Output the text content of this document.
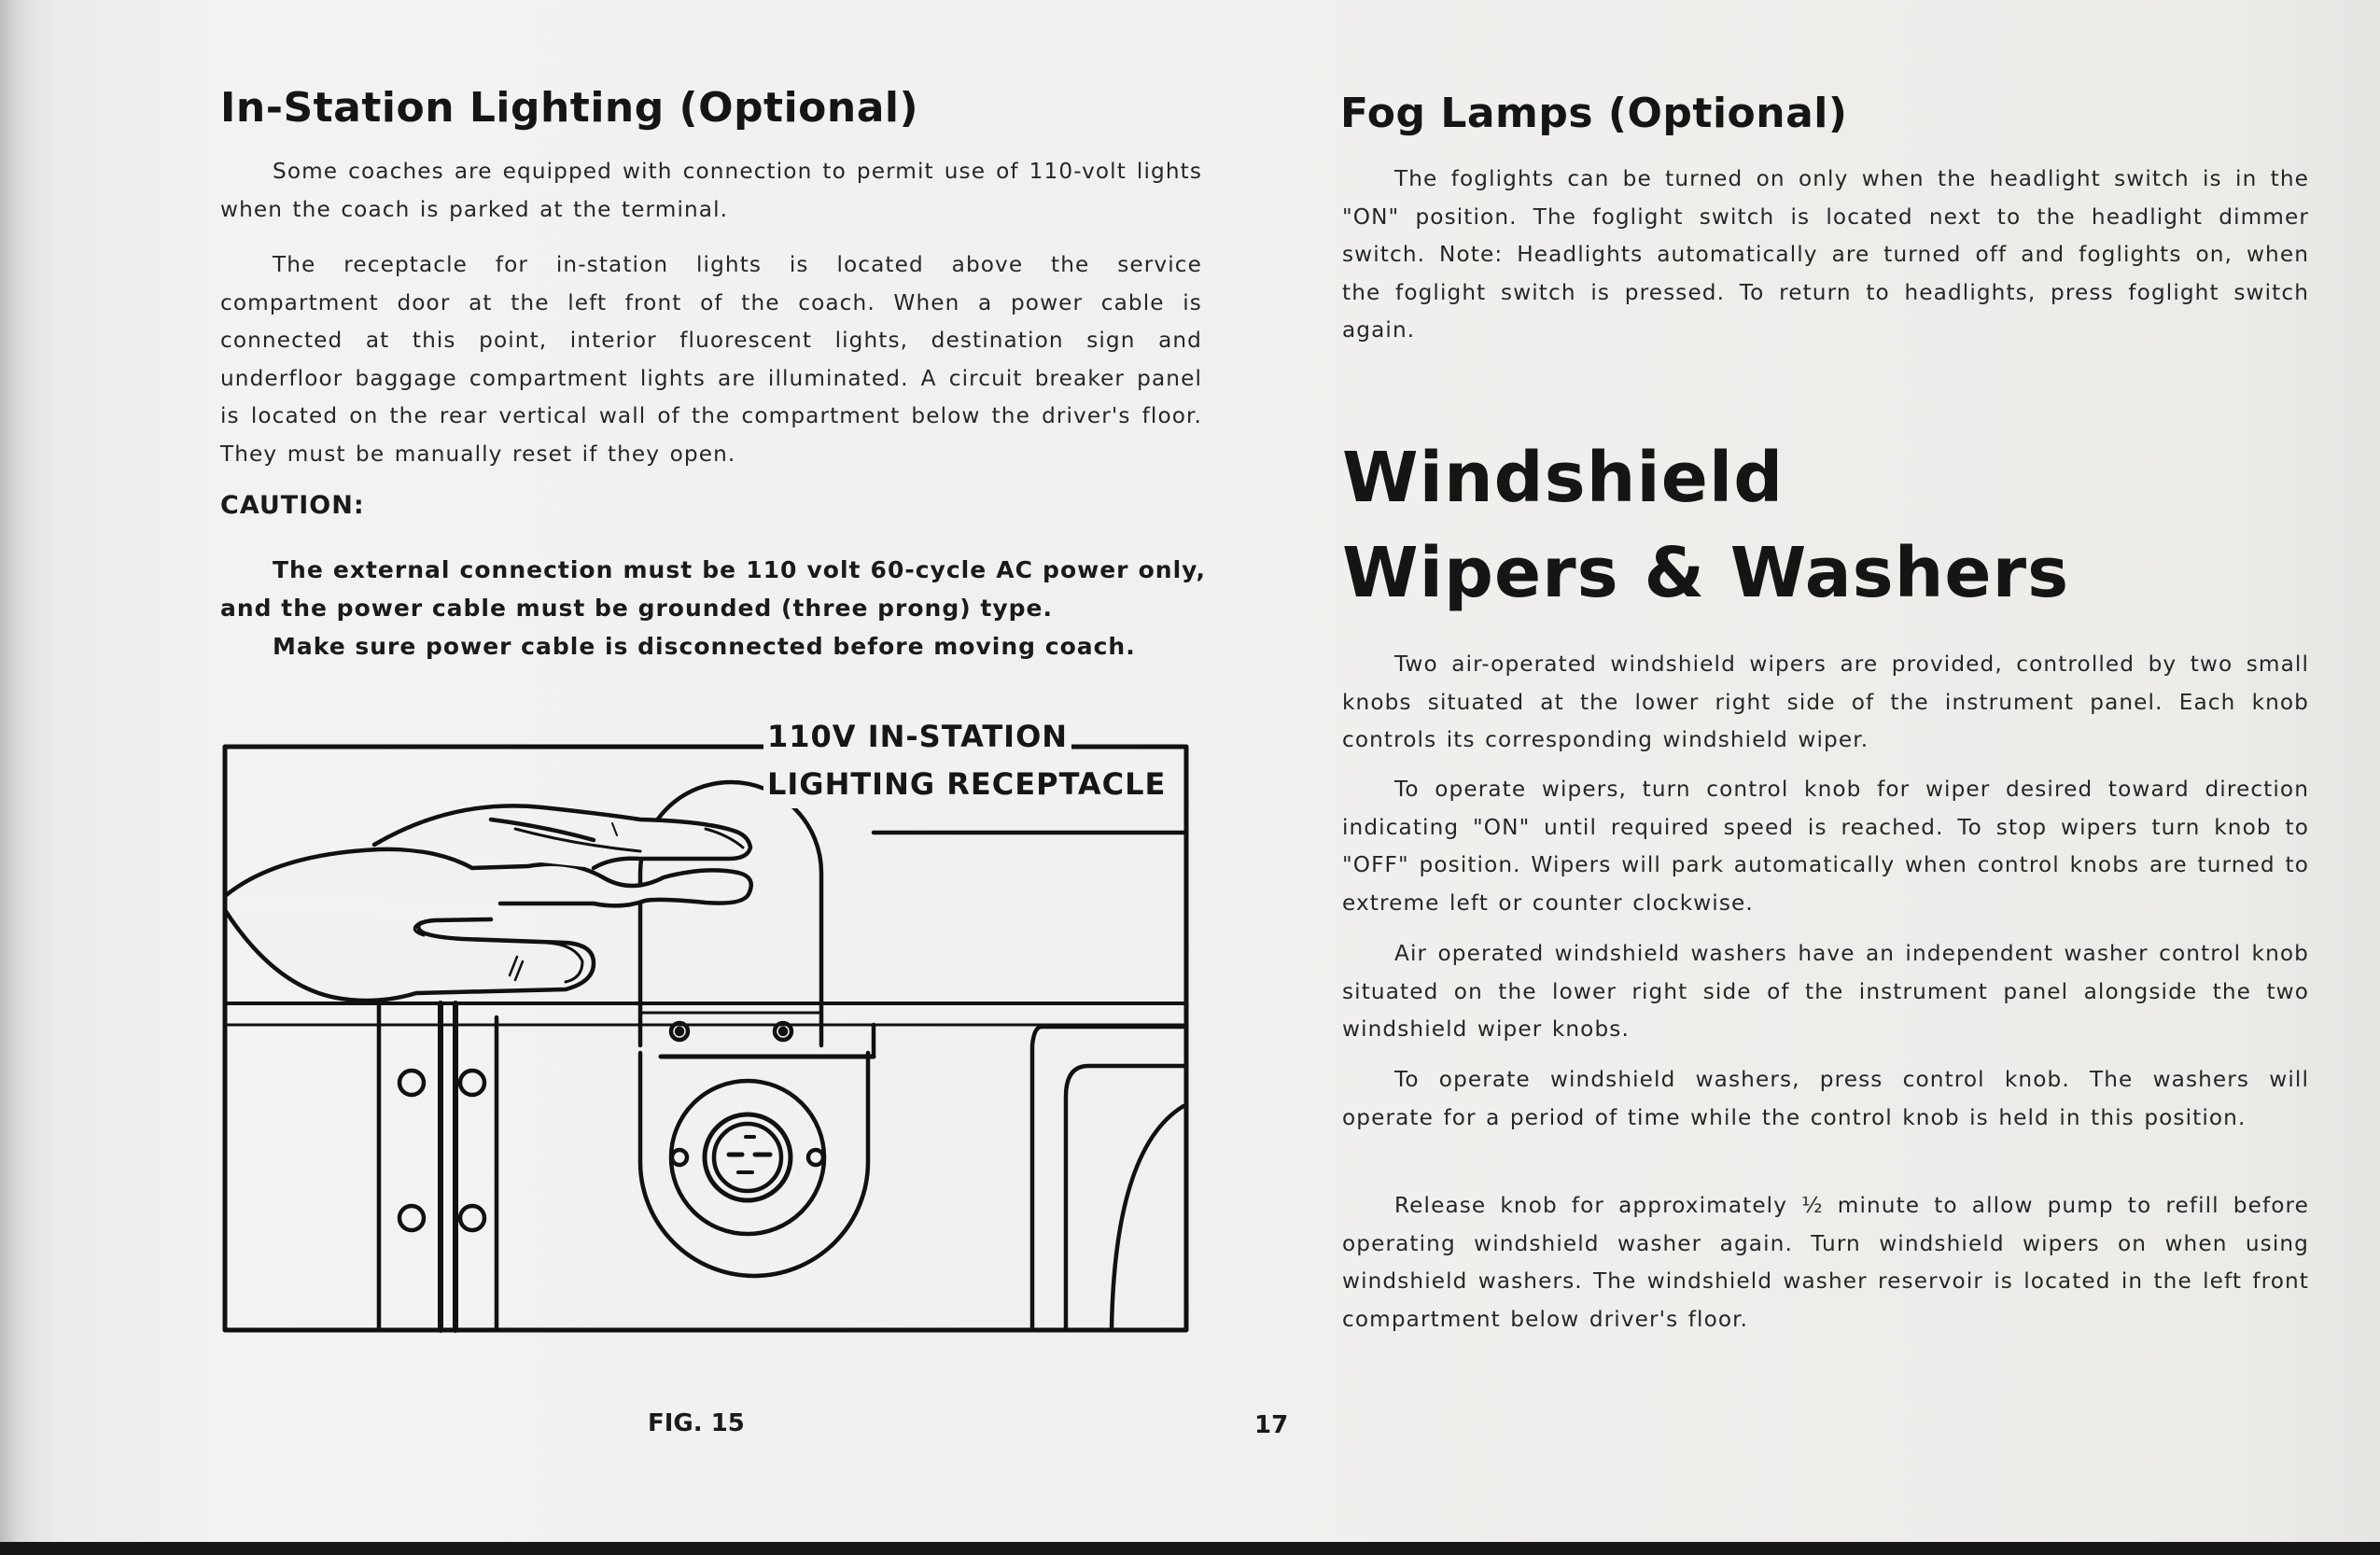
In-Station Lighting (Optional)

Some coaches are equipped with connection to permit use of 110-volt lights when the coach is parked at the terminal.

The receptacle for in-station lights is located above the service compartment door at the left front of the coach. When a power cable is connected at this point, interior fluorescent lights, destination sign and underfloor baggage compartment lights are illuminated. A circuit breaker panel is located on the rear vertical wall of the compartment below the driver's floor. They must be manually reset if they open.

CAUTION:

The external connection must be 110 volt 60-cycle AC power only, and the power cable must be grounded (three prong) type.

Make sure power cable is disconnected before moving coach.

110V IN-STATION
LIGHTING RECEPTACLE
FIG. 15	17
Fog Lamps (Optional)

The foglights can be turned on only when the headlight switch is in the "ON" position. The foglight switch is located next to the headlight dimmer switch. Note: Headlights automatically are turned off and foglights on, when the foglight switch is pressed. To return to headlights, press foglight switch again.

Windshield
Wipers & Washers

Two air-operated windshield wipers are provided, controlled by two small knobs situated at the lower right side of the instrument panel. Each knob controls its corresponding windshield wiper.

To operate wipers, turn control knob for wiper desired toward direction indicating "ON" until required speed is reached. To stop wipers turn knob to "OFF" position. Wipers will park automatically when control knobs are turned to extreme left or counter clockwise.

Air operated windshield washers have an independent washer control knob situated on the lower right side of the instrument panel alongside the two windshield wiper knobs.

To operate windshield washers, press control knob. The washers will operate for a period of time while the control knob is held in this position.

Release knob for approximately ½ minute to allow pump to refill before operating windshield washer again. Turn windshield wipers on when using windshield washers. The windshield washer reservoir is located in the left front compartment below driver's floor.
